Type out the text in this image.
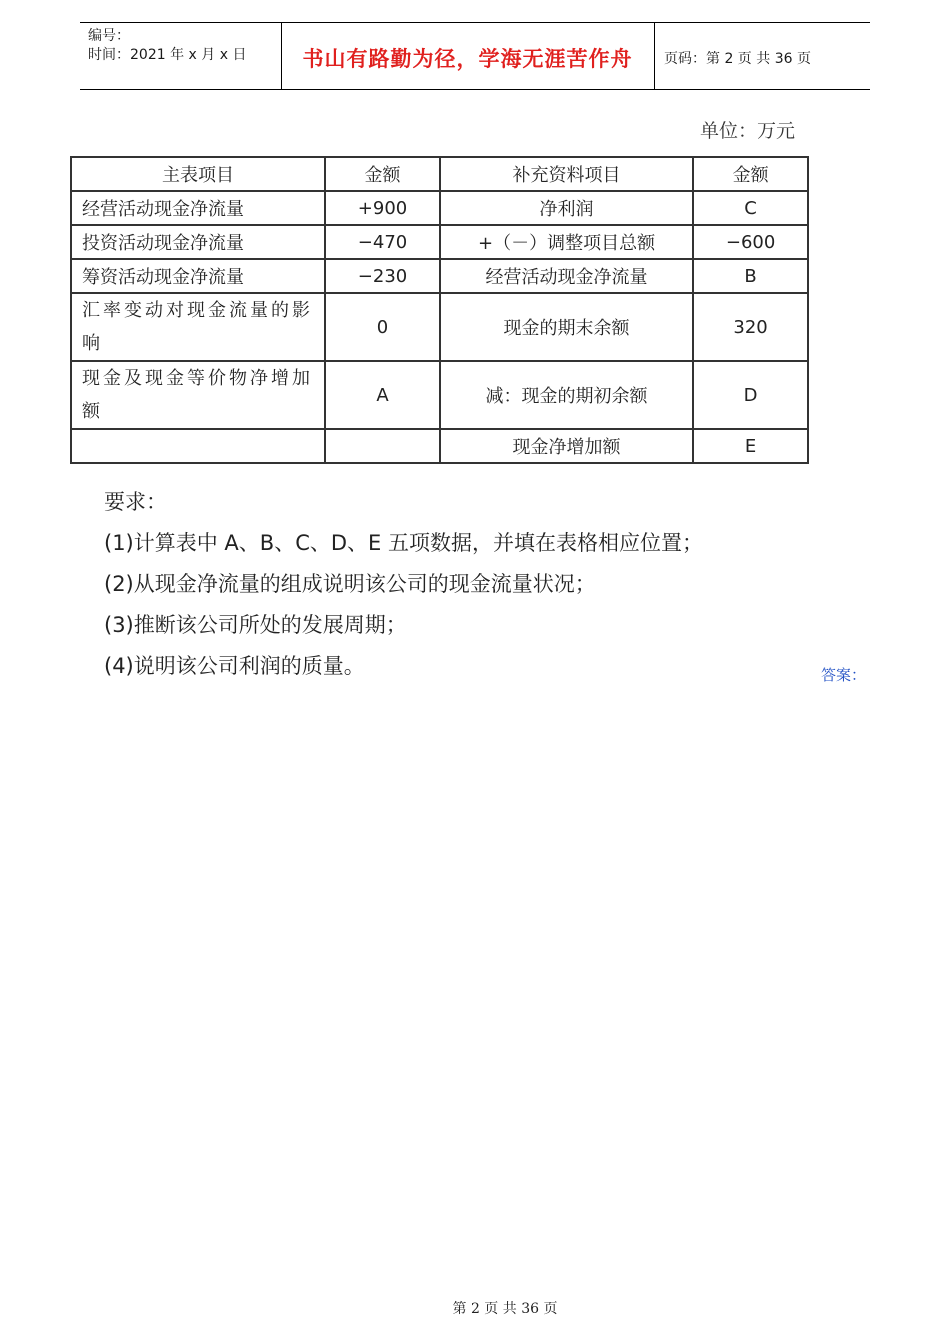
编号：
时间：2021 年 x 月 x 日	书山有路勤为径，学海无涯苦作舟	页码：第 2 页 共 36 页
单位：万元
主表项目	金额	补充资料项目	金额
经营活动现金净流量	+900	净利润	C
投资活动现金净流量	−470	+（－）调整项目总额	−600
筹资活动现金净流量	−230	经营活动现金净流量	B
汇率变动对现金流量的影响	0	现金的期末余额	320
现金及现金等价物净增加额	A	减：现金的期初余额	D
		现金净增加额	E
要求：
(1)计算表中 A、B、C、D、E 五项数据，并填在表格相应位置；
(2)从现金净流量的组成说明该公司的现金流量状况；
(3)推断该公司所处的发展周期；
(4)说明该公司利润的质量。	答案：
第 2 页 共 36 页
